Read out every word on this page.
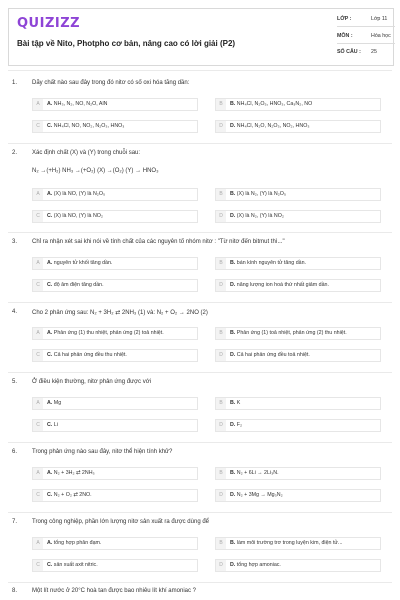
QUIZIZZ
Bài tập về Nito, Photpho cơ bản, nâng cao có lời giải (P2)
LỚP :	Lớp 11
MÔN :	Hóa học
SỐ CÂU : 25
1. Dãy chất nào sau đây trong đó nitơ có số oxi hóa tăng dần:
A	A. NH₃, N₂, NO, N₂O, AlN	B	B. NH₄Cl, N₂O₅, HNO₃, Ca₃N₂, NO
C	C. NH₄Cl, NO, NO₂, N₂O₃, HNO₃	D	D. NH₄Cl, N₂O, N₂O₃, NO₂, HNO₃
2. Xác định chất (X) và (Y) trong chuỗi sau:
N₂ →(+H₂) NH₃ →(+O₂) (X) →(O₂) (Y) → HNO₃
A	A. (X) là NO, (Y) là N₂O₅	B	B. (X) là N₂, (Y) là N₂O₅
C	C. (X) là NO, (Y) là NO₂	D	D. (X) là N₂, (Y) là NO₂
3. Chỉ ra nhận xét sai khi nói về tính chất của các nguyên tố nhóm nitơ : "Từ nitơ đến bitmut thì..."
A	A. nguyên tử khối tăng dần.	B	B. bán kính nguyên tử tăng dần.
C	C. độ âm điện tăng dần.	D	D. năng lượng ion hoá thứ nhất giảm dần.
4. Cho 2 phản ứng sau: N₂ + 3H₂ ⇄ 2NH₃ (1) và: N₂ + O₂ → 2NO (2)
A	A. Phản ứng (1) thu nhiệt, phản ứng (2) toả nhiệt.	B	B. Phản ứng (1) toả nhiệt, phản ứng (2) thu nhiệt.
C	C. Cả hai phản ứng đều thu nhiệt.	D	D. Cả hai phản ứng đều toả nhiệt.
5. Ở điều kiện thường, nitơ phản ứng được với
A	A. Mg	B	B. K
C	C. Li	D	D. F₂
6. Trong phản ứng nào sau đây, nitơ thể hiện tính khử?
A	A. N₂ + 3H₂ ⇄ 2NH₃	B	B. N₂ + 6Li → 2Li₃N.
C	C. N₂ + O₂ ⇄ 2NO.	D	D. N₂ + 3Mg → Mg₃N₂
7. Trong công nghiệp, phần lớn lượng nitơ sản xuất ra được dùng để
A	A. tổng hợp phân đạm.	B	B. làm môi trường trơ trong luyện kim, điện tử...
C	C. sản xuất axit nitric.	D	D. tổng hợp amoniac.
8. Một lít nước ở 20°C hoà tan được bao nhiêu lít khí amoniac ?
